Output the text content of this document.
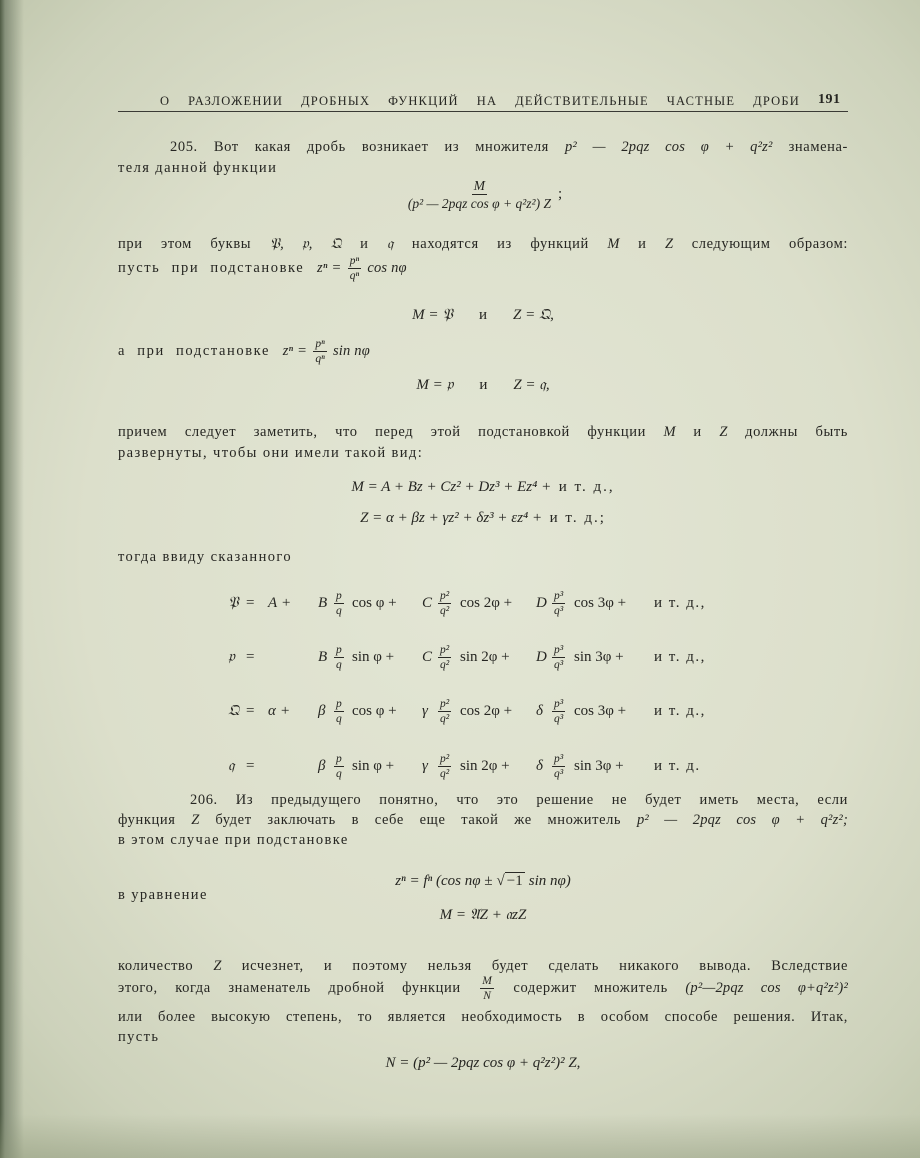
О РАЗЛОЖЕНИИ ДРОБНЫХ ФУНКЦИЙ НА ДЕЙСТВИТЕЛЬНЫЕ ЧАСТНЫЕ ДРОБИ 191
205. Вот какая дробь возникает из множителя p² — 2pqz cos φ + q²z² знамена-
теля данной функции
$\frac{M}{\text{(p² — 2pqz cos φ + q²z²) Z}}$ ;
при этом буквы 𝔓, 𝔭, 𝔔 и 𝔮 находятся из функций M и Z следующим образом:
пусть при подстановке $z^n = \frac{\text{pⁿ}}{\text{qⁿ}}$ cos nφ
M = 𝔓 и Z = 𝔔,
а при подстановке $z^n = \frac{\text{pⁿ}}{\text{qⁿ}}$ sin nφ
M = 𝔭 и Z = 𝔮,
причем следует заметить, что перед этой подстановкой функции M и Z должны быть
развернуты, чтобы они имели такой вид:
M = A + Bz + Cz² + Dz³ + Ez⁴ + и т. д.,
Z = α + βz + γz² + δz³ + εz⁴ + и т. д.;
тогда ввиду сказанного
𝔓 = A +	B $\frac{p}{q}$ cos φ +	C $\frac{\text{p²}}{\text{q²}}$ cos 2φ +	D $\frac{\text{p³}}{\text{q³}}$ cos 3φ +	и т. д.,
𝔭 =	B $\frac{p}{q}$ sin φ +	C $\frac{\text{p²}}{\text{q²}}$ sin 2φ +	D $\frac{\text{p³}}{\text{q³}}$ sin 3φ +	и т. д.,
𝔔 = α +	β $\frac{p}{q}$ cos φ +	γ $\frac{\text{p²}}{\text{q²}}$ cos 2φ +	δ $\frac{\text{p³}}{\text{q³}}$ cos 3φ +	и т. д.,
𝔮 =	β $\frac{p}{q}$ sin φ +	γ $\frac{\text{p²}}{\text{q²}}$ sin 2φ +	δ $\frac{\text{p³}}{\text{q³}}$ sin 3φ +	и т. д.
206. Из предыдущего понятно, что это решение не будет иметь места, если
функция Z будет заключать в себе еще такой же множитель p² — 2pqz cos φ + q²z²;
в этом случае при подстановке
zⁿ = fⁿ (cos nφ ± √ −1 sin nφ)
в уравнение
M = 𝔄Z + 𝔞zZ
количество Z исчезнет, и поэтому нельзя будет сделать никакого вывода. Вследствие
этого, когда знаменатель дробной функции $\frac{M}{N}$ содержит множитель (p²—2pqz cos φ+q²z²)²
или более высокую степень, то является необходимость в особом способе решения. Итак,
пусть
N = (p² — 2pqz cos φ + q²z²)² Z,
